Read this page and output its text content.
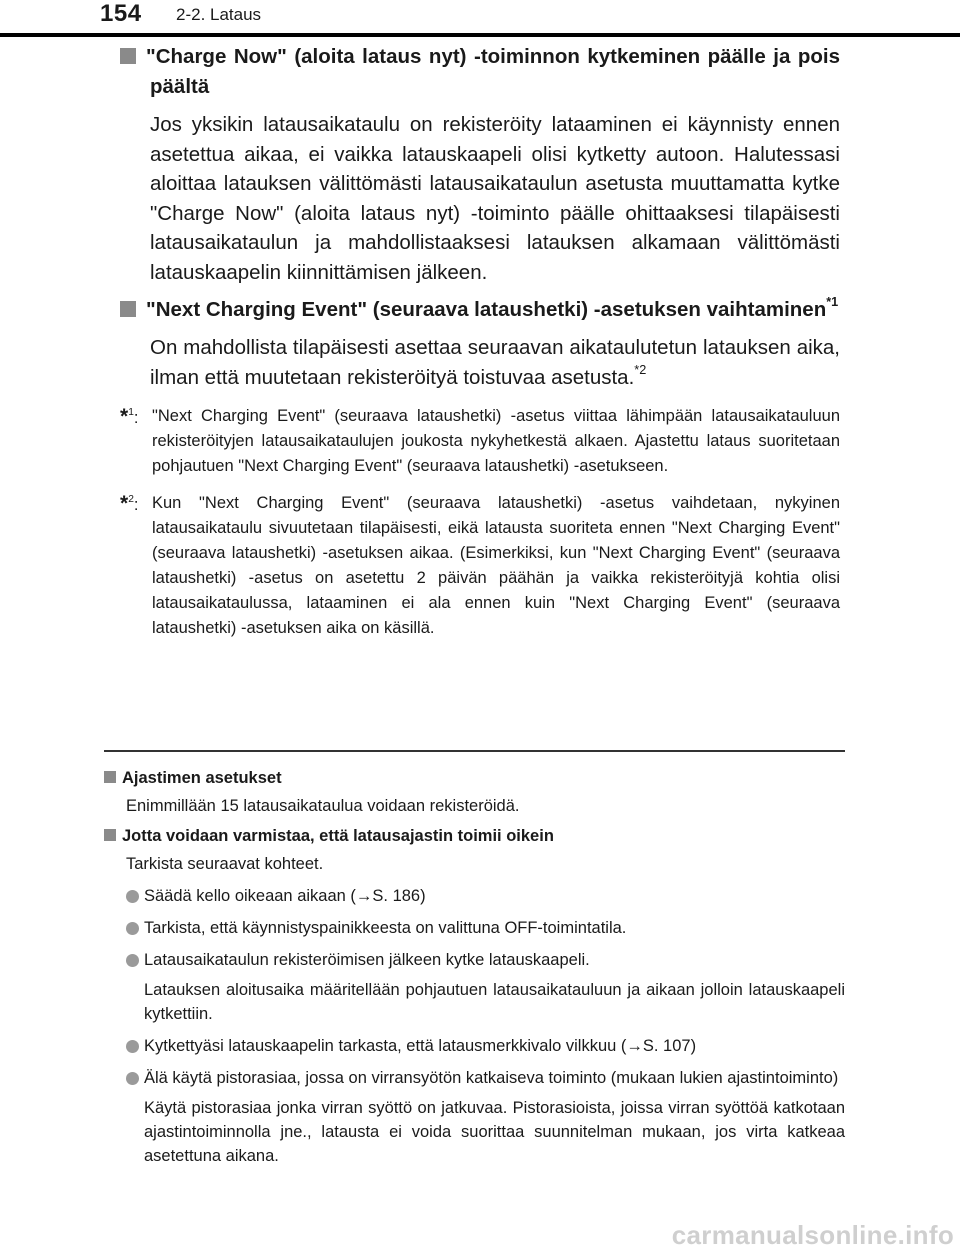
154 2-2. Lataus
"Charge Now" (aloita lataus nyt) -toiminnon kytkeminen päälle ja pois päältä

Jos yksikin latausaikataulu on rekisteröity lataaminen ei käynnisty ennen asetettua aikaa, ei vaikka latauskaapeli olisi kytketty autoon. Halutessasi aloittaa latauksen välittömästi latausaikataulun asetusta muuttamatta kytke "Charge Now" (aloita lataus nyt) -toiminto päälle ohittaaksesi tilapäisesti latausaikataulun ja mahdollistaaksesi latauksen alkamaan välittömästi latauskaapelin kiinnittämisen jälkeen.

"Next Charging Event" (seuraava lataushetki) -asetuksen vaihtaminen$^{*1}$

On mahdollista tilapäisesti asettaa seuraavan aikataulutetun latauksen aika, ilman että muutetaan rekisteröityä toistuvaa asetusta.$^{*2}$

*$^1$: "Next Charging Event" (seuraava lataushetki) -asetus viittaa lähimpään latausaikatauluun rekisteröityjen latausaikataulujen joukosta nykyhetkestä alkaen. Ajastettu lataus suoritetaan pohjautuen "Next Charging Event" (seuraava lataushetki) -asetukseen.
*$^2$: Kun "Next Charging Event" (seuraava lataushetki) -asetus vaihdetaan, nykyinen latausaikataulu sivuutetaan tilapäisesti, eikä latausta suoriteta ennen "Next Charging Event" (seuraava lataushetki) -asetuksen aikaa. (Esimerkiksi, kun "Next Charging Event" (seuraava lataushetki) -asetus on asetettu 2 päivän päähän ja vaikka rekisteröityjä kohtia olisi latausaikataulussa, lataaminen ei ala ennen kuin "Next Charging Event" (seuraava lataushetki) -asetuksen aika on käsillä.
Ajastimen asetukset
Enimmillään 15 latausaikataulua voidaan rekisteröidä.
Jotta voidaan varmistaa, että latausajastin toimii oikein
Tarkista seuraavat kohteet.
Säädä kello oikeaan aikaan (→S. 186)
Tarkista, että käynnistyspainikkeesta on valittuna OFF-toimintatila.
Latausaikataulun rekisteröimisen jälkeen kytke latauskaapeli.
Latauksen aloitusaika määritellään pohjautuen latausaikatauluun ja aikaan jolloin latauskaapeli kytkettiin.
Kytkettyäsi latauskaapelin tarkasta, että latausmerkkivalo vilkkuu (→S. 107)
Älä käytä pistorasiaa, jossa on virransyötön katkaiseva toiminto (mukaan lukien ajastintoiminto)
Käytä pistorasiaa jonka virran syöttö on jatkuvaa. Pistorasioista, joissa virran syöttöä katkotaan ajastintoiminnolla jne., latausta ei voida suorittaa suunnitelman mukaan, jos virta katkeaa asetettuna aikana.
carmanualsonline.info
